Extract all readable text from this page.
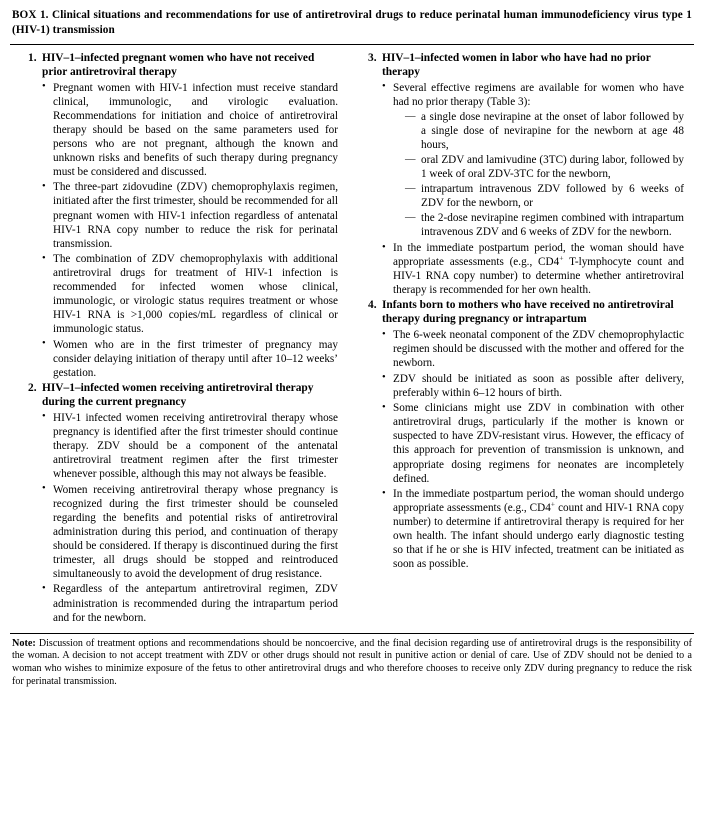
BOX 1. Clinical situations and recommendations for use of antiretroviral drugs to reduce perinatal human immunodeficiency virus type 1 (HIV-1) transmission
1. HIV–1–infected pregnant women who have not received prior antiretroviral therapy
• Pregnant women with HIV-1 infection must receive standard clinical, immunologic, and virologic evaluation. Recommendations for initiation and choice of antiretroviral therapy should be based on the same parameters used for persons who are not pregnant, although the known and unknown risks and benefits of such therapy during pregnancy must be considered and discussed.
• The three-part zidovudine (ZDV) chemoprophylaxis regimen, initiated after the first trimester, should be recommended for all pregnant women with HIV-1 infection regardless of antenatal HIV-1 RNA copy number to reduce the risk for perinatal transmission.
• The combination of ZDV chemoprophylaxis with additional antiretroviral drugs for treatment of HIV-1 infection is recommended for infected women whose clinical, immunologic, or virologic status requires treatment or whose HIV-1 RNA is >1,000 copies/mL regardless of clinical or immunologic status.
• Women who are in the first trimester of pregnancy may consider delaying initiation of therapy until after 10–12 weeks’ gestation.
2. HIV–1–infected women receiving antiretroviral therapy during the current pregnancy
• HIV-1 infected women receiving antiretroviral therapy whose pregnancy is identified after the first trimester should continue therapy. ZDV should be a component of the antenatal antiretroviral treatment regimen after the first trimester whenever possible, although this may not always be feasible.
• Women receiving antiretroviral therapy whose pregnancy is recognized during the first trimester should be counseled regarding the benefits and potential risks of antiretroviral administration during this period, and continuation of therapy should be considered. If therapy is discontinued during the first trimester, all drugs should be stopped and reintroduced simultaneously to avoid the development of drug resistance.
• Regardless of the antepartum antiretroviral regimen, ZDV administration is recommended during the intrapartum period and for the newborn.
3. HIV–1–infected women in labor who have had no prior therapy
• Several effective regimens are available for women who have had no prior therapy (Table 3):
— a single dose nevirapine at the onset of labor followed by a single dose of nevirapine for the newborn at age 48 hours,
— oral ZDV and lamivudine (3TC) during labor, followed by 1 week of oral ZDV-3TC for the newborn,
— intrapartum intravenous ZDV followed by 6 weeks of ZDV for the newborn, or
— the 2-dose nevirapine regimen combined with intrapartum intravenous ZDV and 6 weeks of ZDV for the newborn.
• In the immediate postpartum period, the woman should have appropriate assessments (e.g., CD4+ T-lymphocyte count and HIV-1 RNA copy number) to determine whether antiretroviral therapy is recommended for her own health.
4. Infants born to mothers who have received no antiretroviral therapy during pregnancy or intrapartum
• The 6-week neonatal component of the ZDV chemoprophylactic regimen should be discussed with the mother and offered for the newborn.
• ZDV should be initiated as soon as possible after delivery, preferably within 6–12 hours of birth.
• Some clinicians might use ZDV in combination with other antiretroviral drugs, particularly if the mother is known or suspected to have ZDV-resistant virus. However, the efficacy of this approach for prevention of transmission is unknown, and appropriate dosing regimens for neonates are incompletely defined.
• In the immediate postpartum period, the woman should undergo appropriate assessments (e.g., CD4+ count and HIV-1 RNA copy number) to determine if antiretroviral therapy is required for her own health. The infant should undergo early diagnostic testing so that if he or she is HIV infected, treatment can be initiated as soon as possible.
Note: Discussion of treatment options and recommendations should be noncoercive, and the final decision regarding use of antiretroviral drugs is the responsibility of the woman. A decision to not accept treatment with ZDV or other drugs should not result in punitive action or denial of care. Use of ZDV should not be denied to a woman who wishes to minimize exposure of the fetus to other antiretroviral drugs and who therefore chooses to receive only ZDV during pregnancy to reduce the risk for perinatal transmission.
